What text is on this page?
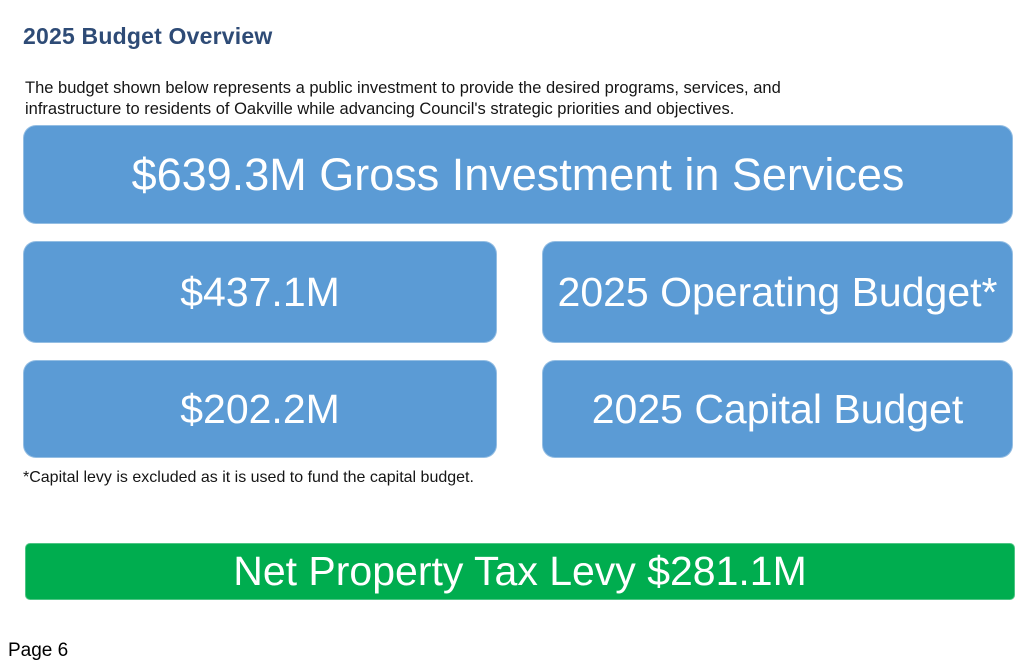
2025 Budget Overview

The budget shown below represents a public investment to provide the desired programs, services, and
infrastructure to residents of Oakville while advancing Council's strategic priorities and objectives.

$639.3M Gross Investment in Services
$437.1M	2025 Operating Budget*
$202.2M	2025 Capital Budget
*Capital levy is excluded as it is used to fund the capital budget.
Net Property Tax Levy $281.1M
Page 6
